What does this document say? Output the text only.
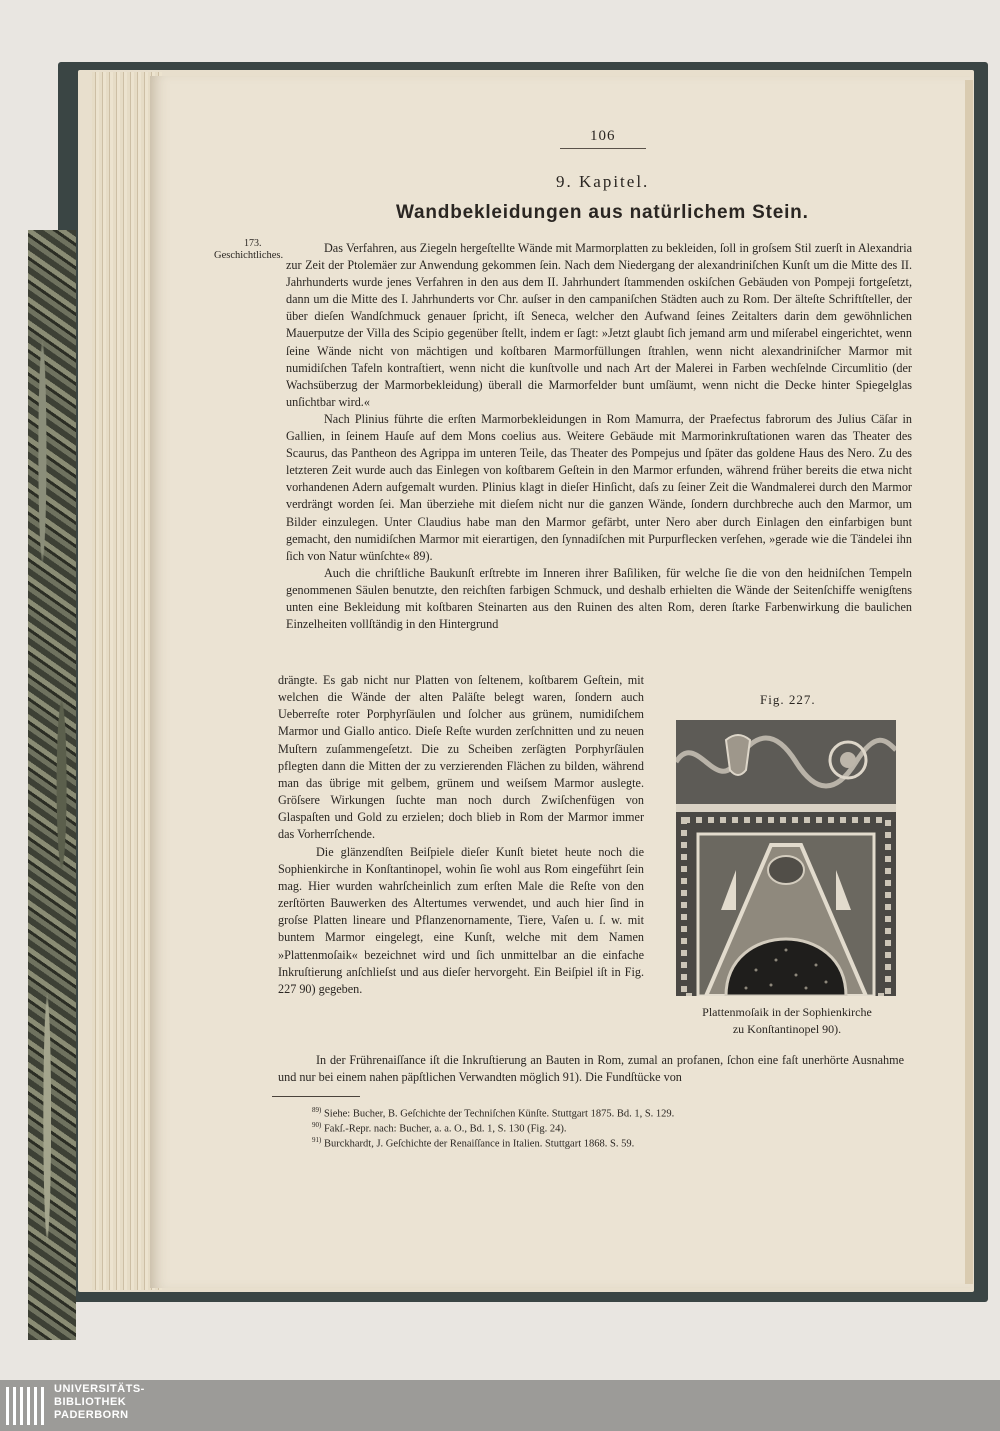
106
9. Kapitel.
Wandbekleidungen aus natürlichem Stein.
173.
Geschichtliches.

Das Verfahren, aus Ziegeln hergeſtellte Wände mit Marmorplatten zu bekleiden, ſoll in groſsem Stil zuerſt in Alexandria zur Zeit der Ptolemäer zur Anwendung gekommen ſein. Nach dem Niedergang der alexandriniſchen Kunſt um die Mitte des II. Jahrhunderts wurde jenes Verfahren in den aus dem II. Jahrhundert ſtammenden oskiſchen Gebäuden von Pompeji fortgeſetzt, dann um die Mitte des I. Jahrhunderts vor Chr. auſser in den campaniſchen Städten auch zu Rom. Der älteſte Schriftſteller, der über dieſen Wandſchmuck genauer ſpricht, iſt Seneca, welcher den Aufwand ſeines Zeitalters darin dem gewöhnlichen Mauerputze der Villa des Scipio gegenüber ſtellt, indem er ſagt: »Jetzt glaubt ſich jemand arm und miſerabel eingerichtet, wenn ſeine Wände nicht von mächtigen und koſtbaren Marmorfüllungen ſtrahlen, wenn nicht alexandriniſcher Marmor mit numidiſchen Tafeln kontraſtiert, wenn nicht die kunſtvolle und nach Art der Malerei in Farben wechſelnde Circumlitio (der Wachsüberzug der Marmorbekleidung) überall die Marmorfelder bunt umſäumt, wenn nicht die Decke hinter Spiegelglas unſichtbar wird.«

Nach Plinius führte die erſten Marmorbekleidungen in Rom Mamurra, der Praefectus fabrorum des Julius Cäſar in Gallien, in ſeinem Hauſe auf dem Mons coelius aus. Weitere Gebäude mit Marmorinkruſtationen waren das Theater des Scaurus, das Pantheon des Agrippa im unteren Teile, das Theater des Pompejus und ſpäter das goldene Haus des Nero. Zu des letzteren Zeit wurde auch das Einlegen von koſtbarem Geſtein in den Marmor erfunden, während früher bereits die etwa nicht vorhandenen Adern aufgemalt wurden. Plinius klagt in dieſer Hinſicht, daſs zu ſeiner Zeit die Wandmalerei durch den Marmor verdrängt worden ſei. Man überziehe mit dieſem nicht nur die ganzen Wände, ſondern durchbreche auch den Marmor, um Bilder einzulegen. Unter Claudius habe man den Marmor gefärbt, unter Nero aber durch Einlagen den einfarbigen bunt gemacht, den numidiſchen Marmor mit eierartigen, den ſynnadiſchen mit Purpurflecken verſehen, »gerade wie die Tändelei ihn ſich von Natur wünſchte« 89).

Auch die chriſtliche Baukunſt erſtrebte im Inneren ihrer Baſiliken, für welche ſie die von den heidniſchen Tempeln genommenen Säulen benutzte, den reichſten farbigen Schmuck, und deshalb erhielten die Wände der Seitenſchiffe wenigſtens unten eine Bekleidung mit koſtbaren Steinarten aus den Ruinen des alten Rom, deren ſtarke Farbenwirkung die baulichen Einzelheiten vollſtändig in den Hintergrund

drängte. Es gab nicht nur Platten von ſeltenem, koſtbarem Geſtein, mit welchen die Wände der alten Paläſte belegt waren, ſondern auch Ueberreſte roter Porphyrſäulen und ſolcher aus grünem, numidiſchem Marmor und Giallo antico. Dieſe Reſte wurden zerſchnitten und zu neuen Muſtern zuſammengeſetzt. Die zu Scheiben zerſägten Porphyrſäulen pflegten dann die Mitten der zu verzierenden Flächen zu bilden, während man das übrige mit gelbem, grünem und weiſsem Marmor auslegte. Gröſsere Wirkungen ſuchte man noch durch Zwiſchenfügen von Glaspaſten und Gold zu erzielen; doch blieb in Rom der Marmor immer das Vorherrſchende.

Die glänzendſten Beiſpiele dieſer Kunſt bietet heute noch die Sophienkirche in Konſtantinopel, wohin ſie wohl aus Rom eingeführt ſein mag. Hier wurden wahrſcheinlich zum erſten Male die Reſte von den zerſtörten Bauwerken des Altertumes verwendet, und auch hier ſind in groſse Platten lineare und Pflanzenornamente, Tiere, Vaſen u. ſ. w. mit buntem Marmor eingelegt, eine Kunſt, welche mit dem Namen »Plattenmoſaik« bezeichnet wird und ſich unmittelbar an die einfache Inkruſtierung anſchlieſst und aus dieſer hervorgeht. Ein Beiſpiel iſt in Fig. 227 90) gegeben.

Fig. 227.
Plattenmoſaik in der Sophienkirche
zu Konſtantinopel 90).

In der Frührenaiſſance iſt die Inkruſtierung an Bauten in Rom, zumal an profanen, ſchon eine faſt unerhörte Ausnahme und nur bei einem nahen päpſtlichen Verwandten möglich 91). Die Fundſtücke von

$^{89)}$ Siehe: Bucher, B. Geſchichte der Techniſchen Künſte. Stuttgart 1875. Bd. 1, S. 129.
$^{90)}$ Fakſ.-Repr. nach: Bucher, a. a. O., Bd. 1, S. 130 (Fig. 24).
$^{91)}$ Burckhardt, J. Geſchichte der Renaiſſance in Italien. Stuttgart 1868. S. 59.
UNIVERSITÄTS-
BIBLIOTHEK
PADERBORN
